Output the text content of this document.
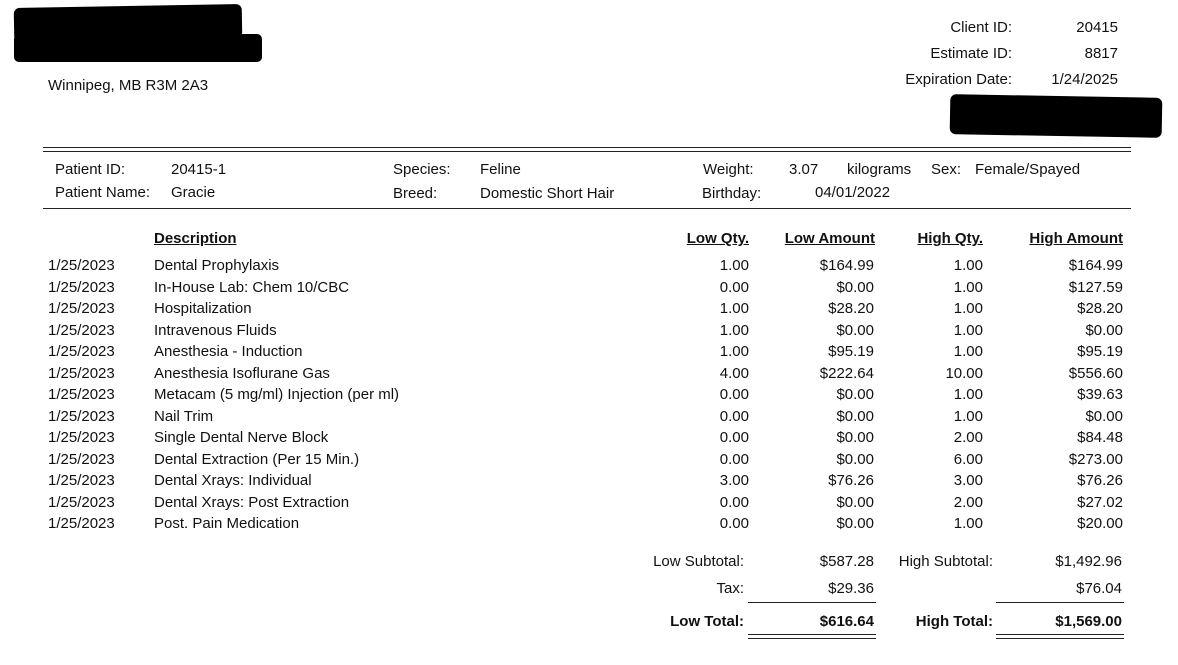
Winnipeg, MB R3M 2A3
Client ID:	20415
Estimate ID:	8817
Expiration Date:	1/24/2025
Patient ID:	20415-1
Patient Name: Gracie
Species: Feline
Breed:	Domestic Short Hair
Weight: 3.07 kilograms Sex: Female/Spayed
Birthday:	04/01/2022
Description	Low Qty. Low Amount	High Qty.	High Amount
1/25/2023	Dental Prophylaxis	1.00	$164.99	1.00	$164.99
1/25/2023	In-House Lab: Chem 10/CBC	0.00	$0.00	1.00	$127.59
1/25/2023	Hospitalization	1.00	$28.20	1.00	$28.20
1/25/2023	Intravenous Fluids	1.00	$0.00	1.00	$0.00
1/25/2023	Anesthesia - Induction	1.00	$95.19	1.00	$95.19
1/25/2023	Anesthesia Isoflurane Gas	4.00	$222.64	10.00	$556.60
1/25/2023	Metacam (5 mg/ml) Injection (per ml)	0.00	$0.00	1.00	$39.63
1/25/2023	Nail Trim	0.00	$0.00	1.00	$0.00
1/25/2023	Single Dental Nerve Block	0.00	$0.00	2.00	$84.48
1/25/2023	Dental Extraction (Per 15 Min.)	0.00	$0.00	6.00	$273.00
1/25/2023	Dental Xrays: Individual	3.00	$76.26	3.00	$76.26
1/25/2023	Dental Xrays: Post Extraction	0.00	$0.00	2.00	$27.02
1/25/2023	Post. Pain Medication	0.00	$0.00	1.00	$20.00
Low Subtotal:	$587.28 High Subtotal:	$1,492.96
Tax:	$29.36	$76.04
Low Total:	$616.64	High Total:	$1,569.00
